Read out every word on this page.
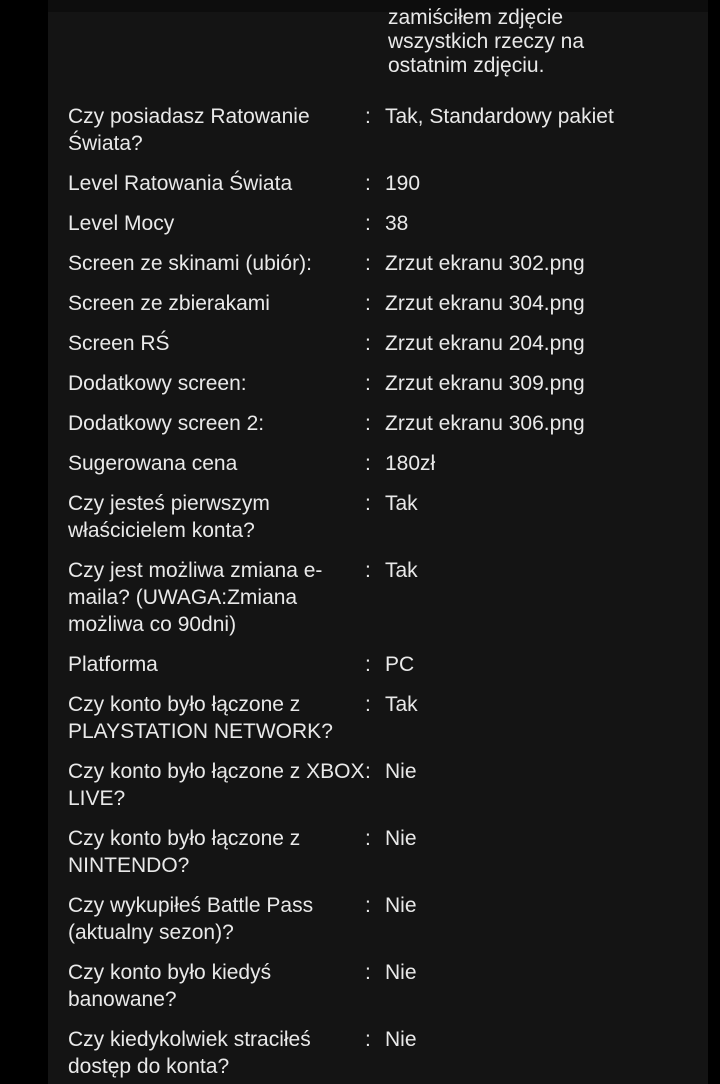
zamiściłem zdjęcie
wszystkich rzeczy na
ostatnim zdjęciu.
Czy posiadasz Ratowanie Świata?
: Tak, Standardowy pakiet
Level Ratowania Świata	: 190
Level Mocy	: 38
Screen ze skinami (ubiór):	: Zrzut ekranu 302.png
Screen ze zbierakami	: Zrzut ekranu 304.png
Screen RŚ	: Zrzut ekranu 204.png
Dodatkowy screen:	: Zrzut ekranu 309.png
Dodatkowy screen 2:	: Zrzut ekranu 306.png
Sugerowana cena	: 180zł
Czy jesteś pierwszym właścicielem konta?
: Tak
Czy jest możliwa zmiana e-maila? (UWAGA:Zmiana możliwa co 90dni)
: Tak
Platforma	: PC
Czy konto było łączone z PLAYSTATION NETWORK?
: Tak
Czy konto było łączone z XBOX LIVE?
: Nie
Czy konto było łączone z NINTENDO?
: Nie
Czy wykupiłeś Battle Pass (aktualny sezon)?
: Nie
Czy konto było kiedyś banowane?
: Nie
Czy kiedykolwiek straciłeś dostęp do konta?
: Nie
